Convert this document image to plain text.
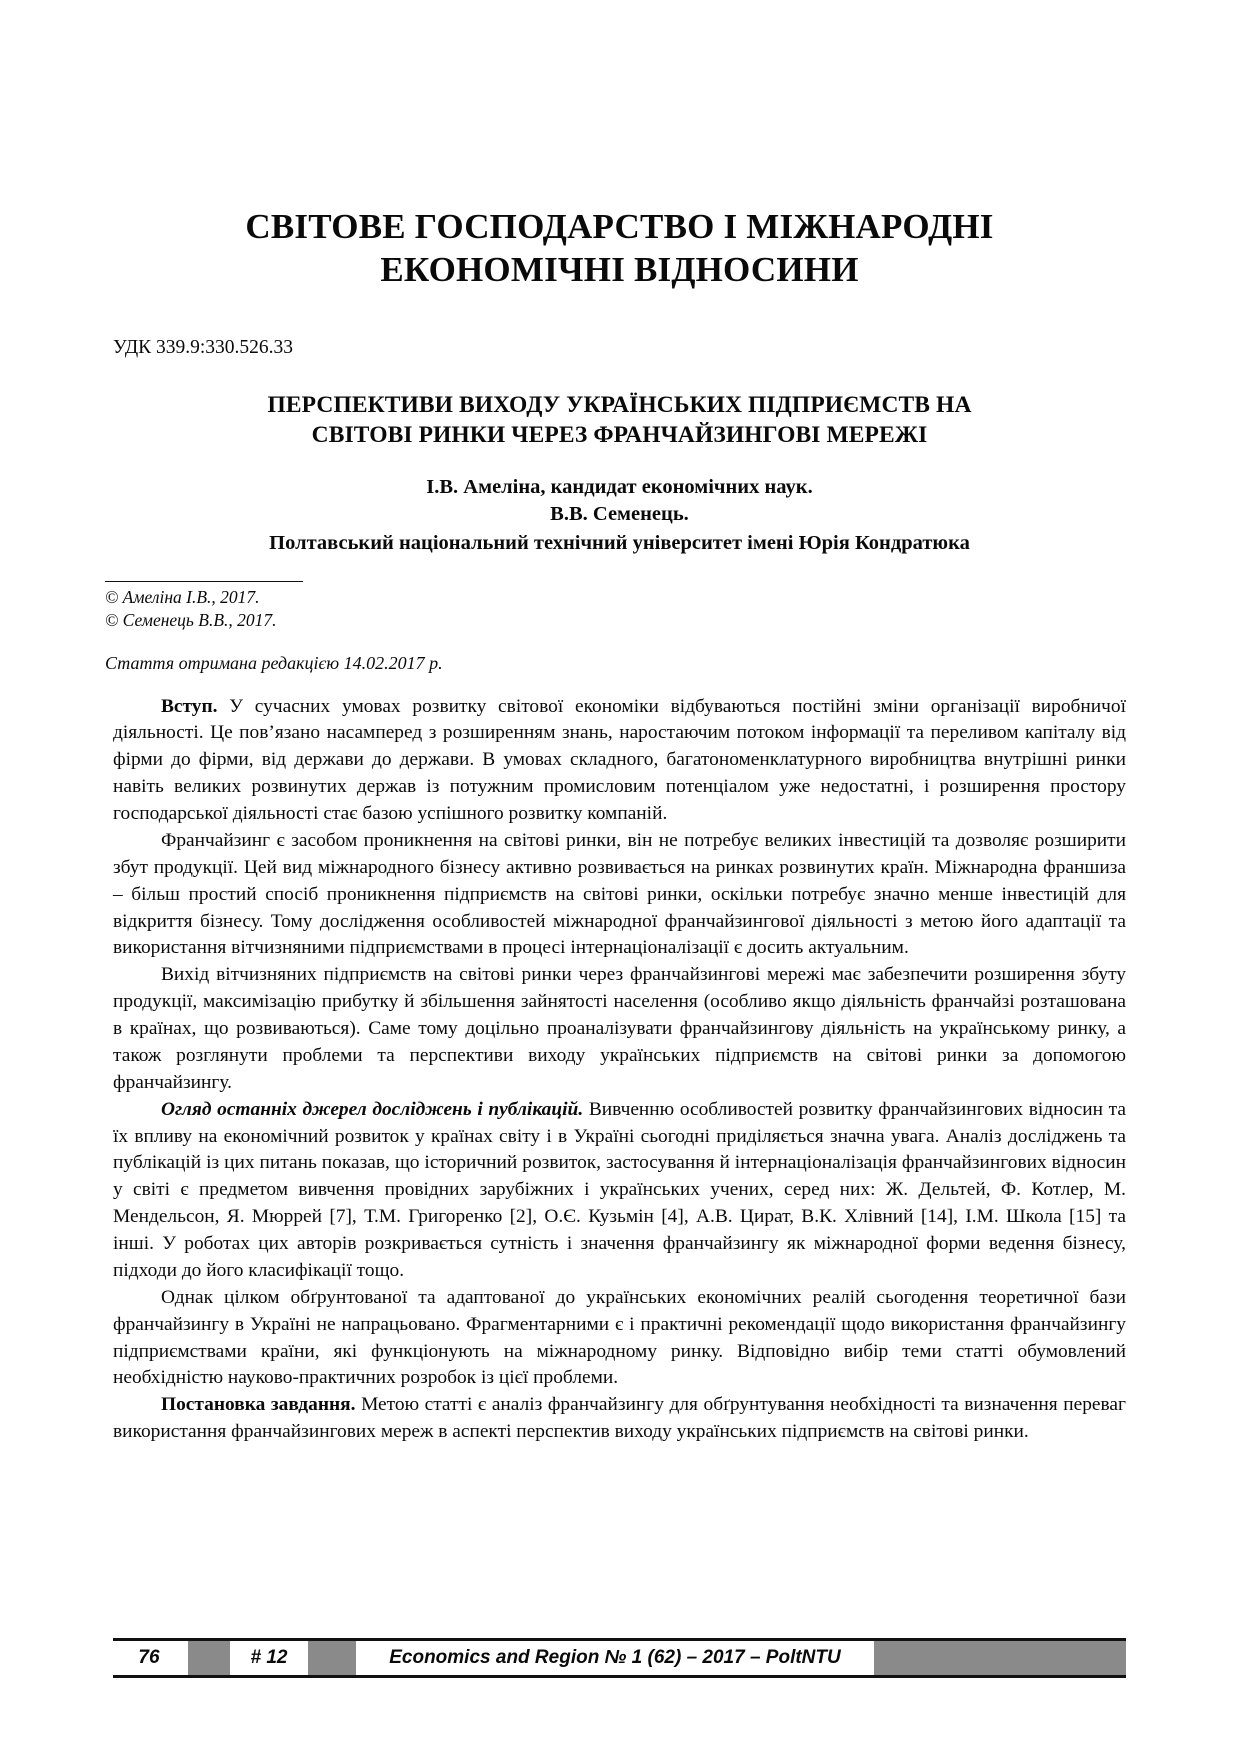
СВІТОВЕ ГОСПОДАРСТВО І МІЖНАРОДНІ
ЕКОНОМІЧНІ ВІДНОСИНИ

УДК 339.9:330.526.33

ПЕРСПЕКТИВИ ВИХОДУ УКРАЇНСЬКИХ ПІДПРИЄМСТВ НА
СВІТОВІ РИНКИ ЧЕРЕЗ ФРАНЧАЙЗИНГОВІ МЕРЕЖІ
І.В. Амеліна, кандидат економічних наук.
В.В. Семенець.
Полтавський національний технічний університет імені Юрія Кондратюка

© Амеліна І.В., 2017.

© Семенець В.В., 2017.

Стаття отримана редакцією 14.02.2017 р.

Вступ. У сучасних умовах розвитку світової економіки відбуваються постійні зміни організації виробничої діяльності. Це пов’язано насамперед з розширенням знань, наростаючим потоком інформації та переливом капіталу від фірми до фірми, від держави до держави. В умовах складного, багатономенклатурного виробництва внутрішні ринки навіть великих розвинутих держав із потужним промисловим потенціалом уже недостатні, і розширення простору господарської діяльності стає базою успішного розвитку компаній.

Франчайзинг є засобом проникнення на світові ринки, він не потребує великих інвестицій та дозволяє розширити збут продукції. Цей вид міжнародного бізнесу активно розвивається на ринках розвинутих країн. Міжнародна франшиза – більш простий спосіб проникнення підприємств на світові ринки, оскільки потребує значно менше інвестицій для відкриття бізнесу. Тому дослідження особливостей міжнародної франчайзингової діяльності з метою його адаптації та використання вітчизняними підприємствами в процесі інтернаціоналізації є досить актуальним.

Вихід вітчизняних підприємств на світові ринки через франчайзингові мережі має забезпечити розширення збуту продукції, максимізацію прибутку й збільшення зайнятості населення (особливо якщо діяльність франчайзі розташована в країнах, що розвиваються). Саме тому доцільно проаналізувати франчайзингову діяльність на українському ринку, а також розглянути проблеми та перспективи виходу українських підприємств на світові ринки за допомогою франчайзингу.

Огляд останніх джерел досліджень і публікацій. Вивченню особливостей розвитку франчайзингових відносин та їх впливу на економічний розвиток у країнах світу і в Україні сьогодні приділяється значна увага. Аналіз досліджень та публікацій із цих питань показав, що історичний розвиток, застосування й інтернаціоналізація франчайзингових відносин у світі є предметом вивчення провідних зарубіжних і українських учених, серед них: Ж. Дельтей, Ф. Котлер, М. Мендельсон, Я. Мюррей [7], Т.М. Григоренко [2], О.Є. Кузьмін [4], А.В. Цират, В.К. Хлівний [14], І.М. Школа [15] та інші. У роботах цих авторів розкривається сутність і значення франчайзингу як міжнародної форми ведення бізнесу, підходи до його класифікації тощо.

Однак цілком обґрунтованої та адаптованої до українських економічних реалій сьогодення теоретичної бази франчайзингу в Україні не напрацьовано. Фрагментарними є і практичні рекомендації щодо використання франчайзингу підприємствами країни, які функціонують на міжнародному ринку. Відповідно вибір теми статті обумовлений необхідністю науково-практичних розробок із цієї проблеми.

Постановка завдання. Метою статті є аналіз франчайзингу для обґрунтування необхідності та визначення переваг використання франчайзингових мереж в аспекті перспектив виходу українських підприємств на світові ринки.

76	# 12	Economics and Region № 1 (62) – 2017 – PoltNTU
